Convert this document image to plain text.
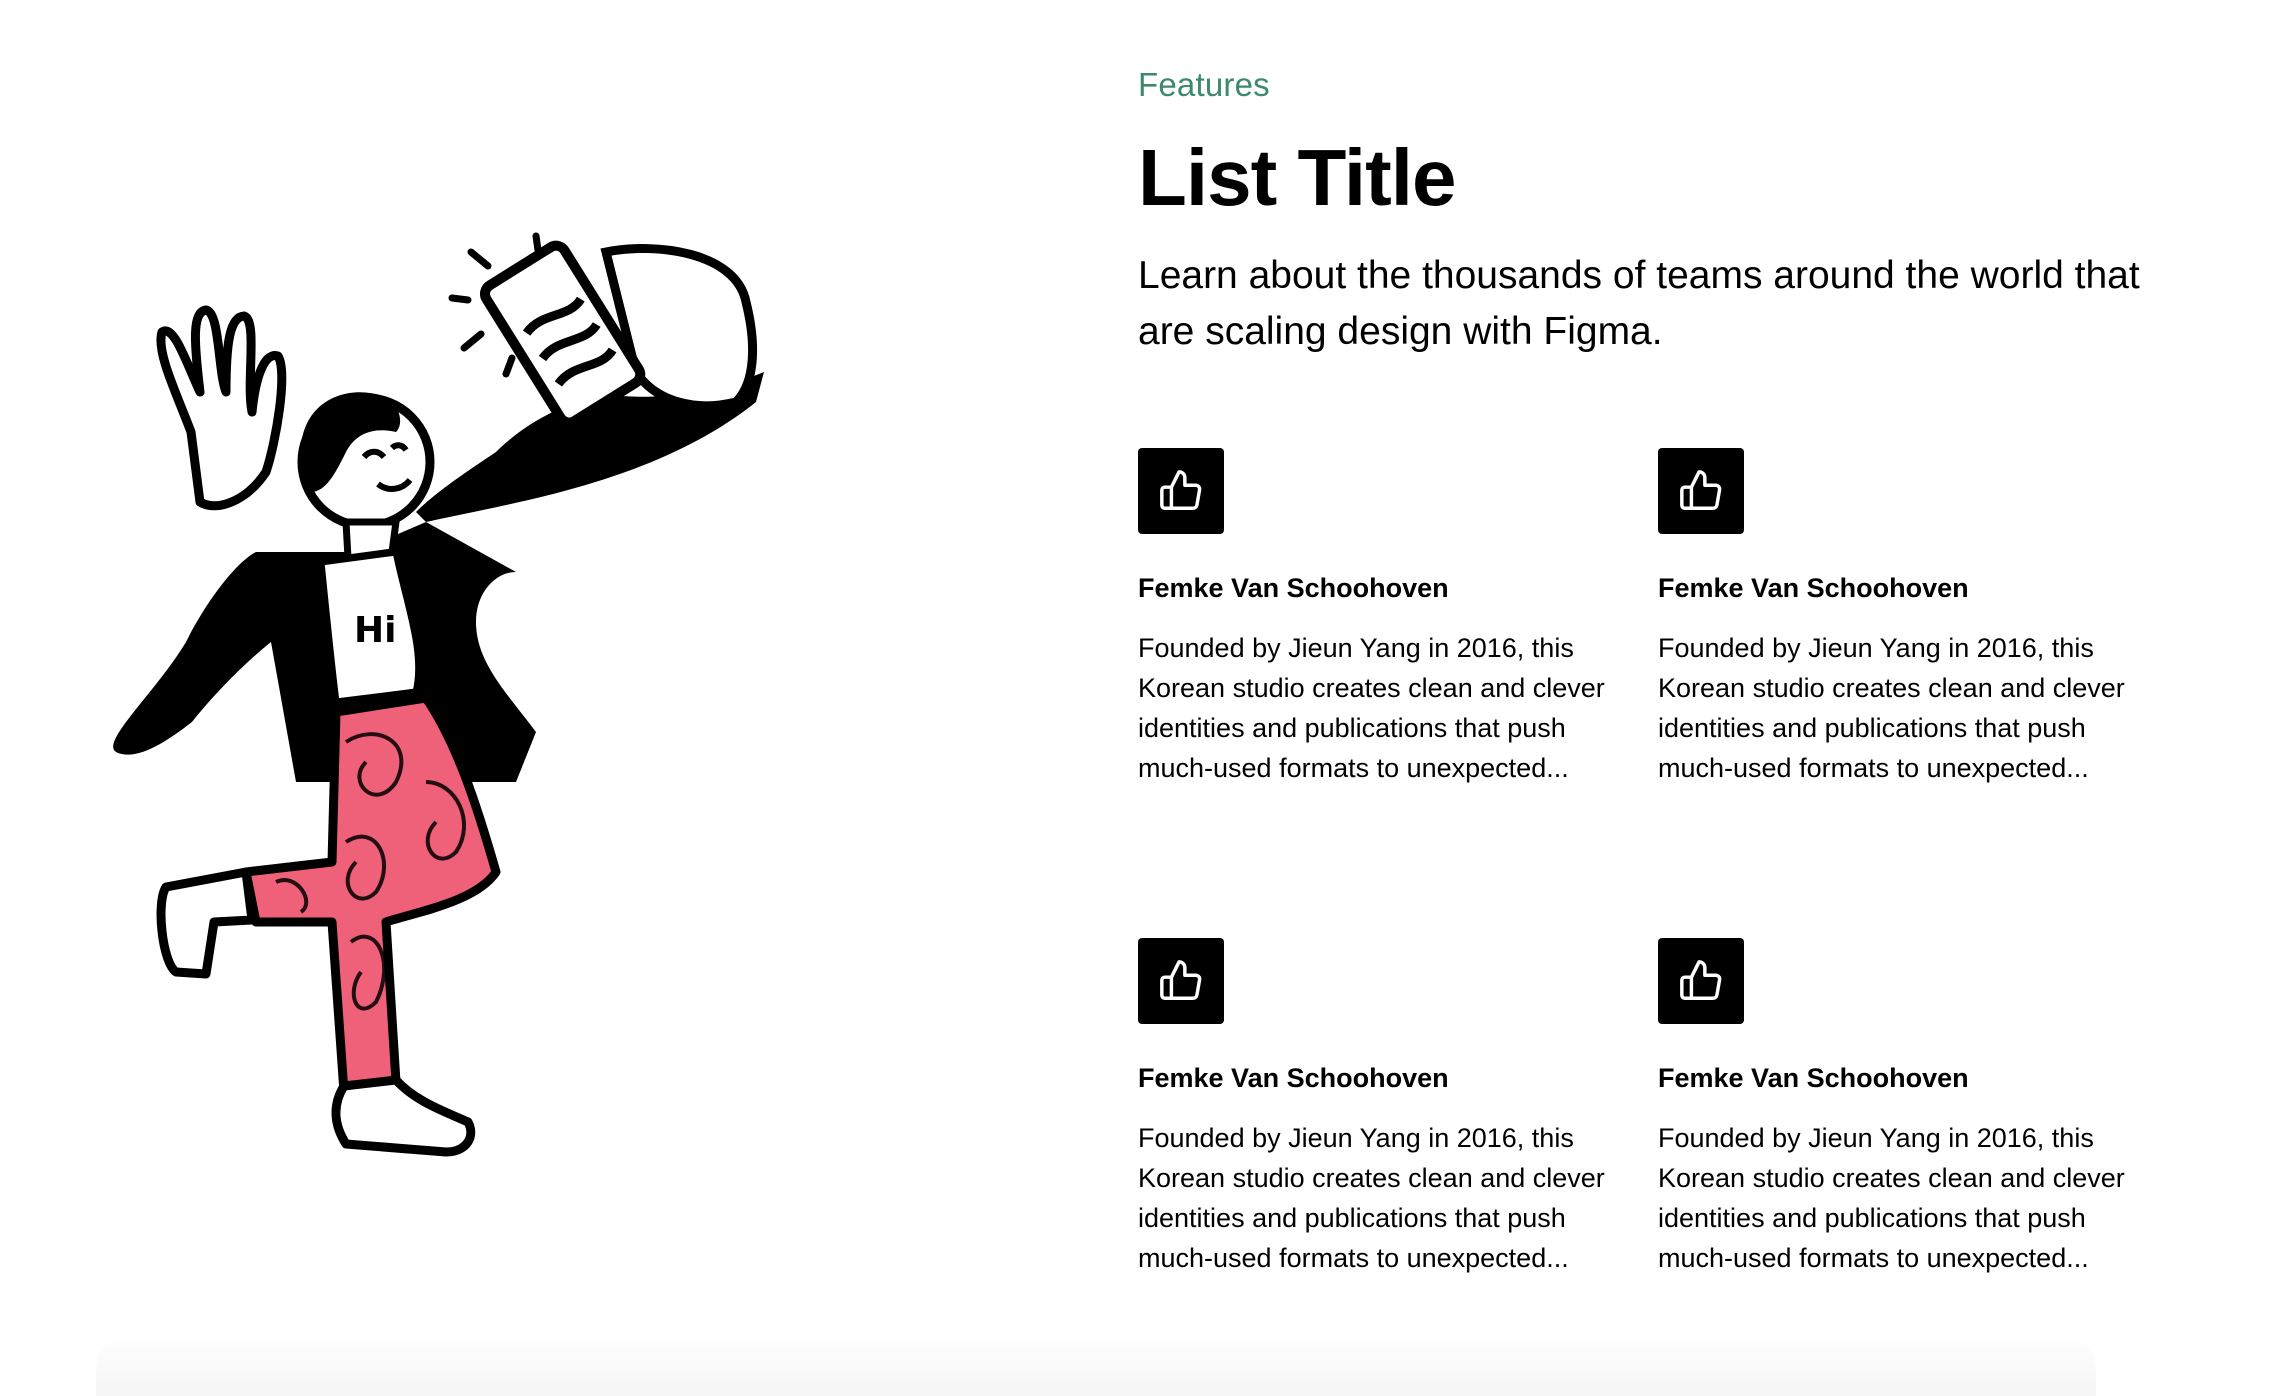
Hi
Features
List Title
Learn about the thousands of teams around the world that are scaling design with Figma.
Femke Van Schoohoven
Founded by Jieun Yang in 2016, this Korean studio creates clean and clever identities and publications that push much-used formats to unexpected...
Femke Van Schoohoven
Founded by Jieun Yang in 2016, this Korean studio creates clean and clever identities and publications that push much-used formats to unexpected...
Femke Van Schoohoven
Founded by Jieun Yang in 2016, this Korean studio creates clean and clever identities and publications that push much-used formats to unexpected...
Femke Van Schoohoven
Founded by Jieun Yang in 2016, this Korean studio creates clean and clever identities and publications that push much-used formats to unexpected...
